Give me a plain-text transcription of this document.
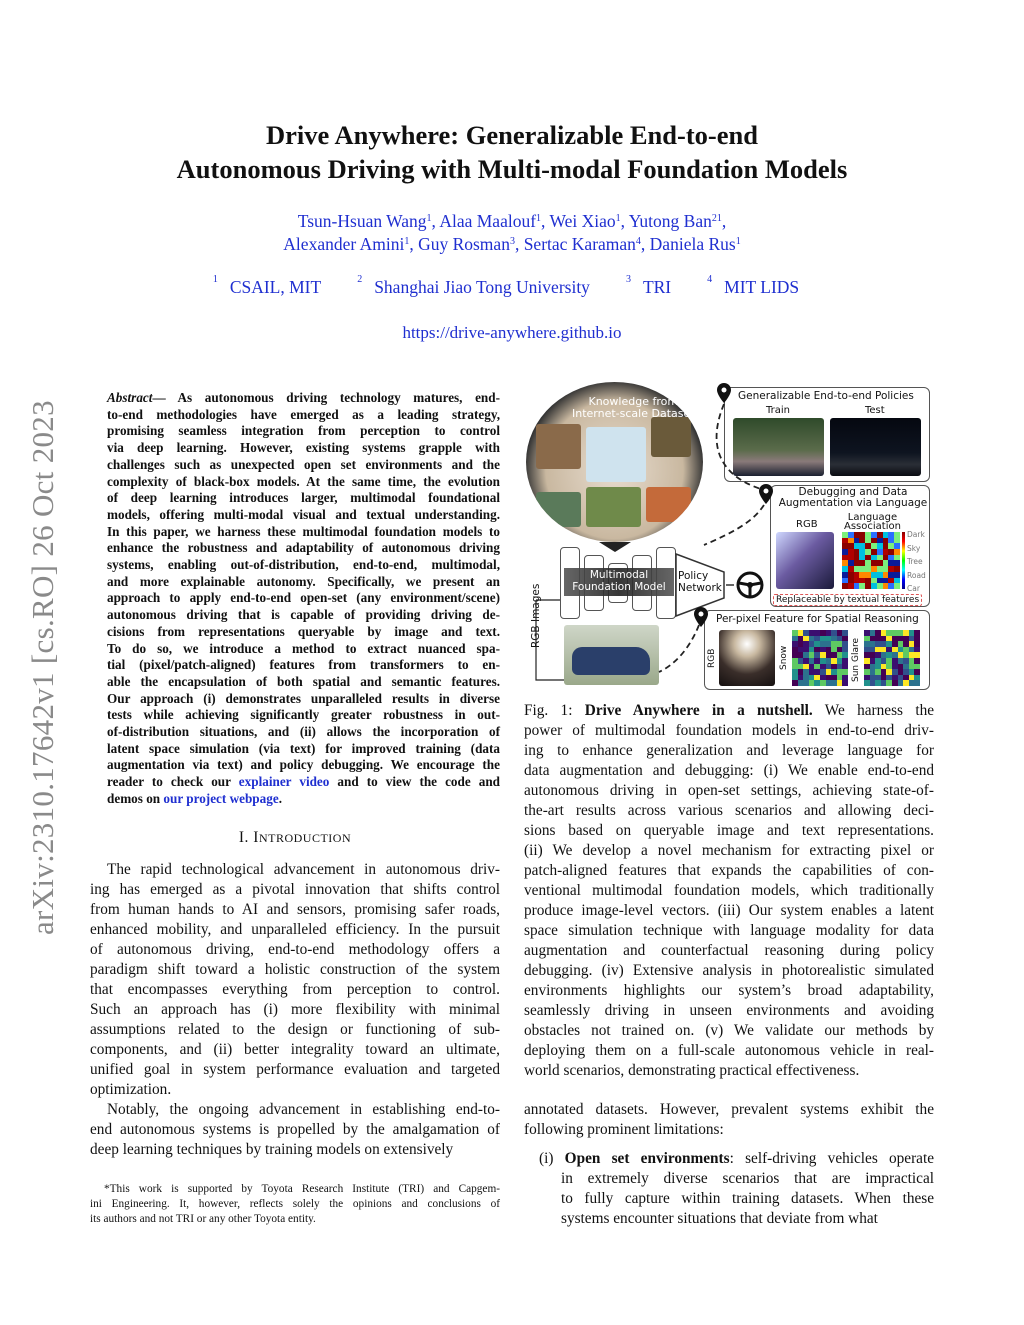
Drive Anywhere: Generalizable End-to-end
Autonomous Driving with Multi-modal Foundation Models
Tsun-Hsuan Wang$^1$, Alaa Maalouf$^1$, Wei Xiao$^1$, Yutong Ban$^{21}$,
Alexander Amini$^1$, Guy Rosman$^3$, Sertac Karaman$^4$, Daniela Rus$^1$
$^1$ CSAIL, MIT	$^2$ Shanghai Jiao Tong University	$^3$ TRI	$^4$ MIT LIDS
https://drive-anywhere.github.io
arXiv:2310.17642v1 [cs.RO] 26 Oct 2023
Abstract— As autonomous driving technology matures, end-
to-end methodologies have emerged as a leading strategy,
promising seamless integration from perception to control
via deep learning. However, existing systems grapple with
challenges such as unexpected open set environments and the
complexity of black-box models. At the same time, the evolution
of deep learning introduces larger, multimodal foundational
models, offering multi-modal visual and textual understanding.
In this paper, we harness these multimodal foundation models to
enhance the robustness and adaptability of autonomous driving
systems, enabling out-of-distribution, end-to-end, multimodal,
and more explainable autonomy. Specifically, we present an
approach to apply end-to-end open-set (any environment/scene)
autonomous driving that is capable of providing driving de-
cisions from representations queryable by image and text.
To do so, we introduce a method to extract nuanced spa-
tial (pixel/patch-aligned) features from transformers to en-
able the encapsulation of both spatial and semantic features.
Our approach (i) demonstrates unparalleled results in diverse
tests while achieving significantly greater robustness in out-
of-distribution situations, and (ii) allows the incorporation of
latent space simulation (via text) for improved training (data
augmentation via text) and policy debugging. We encourage the
reader to check our explainer video and to view the code and
demos on our project webpage.
I. INTRODUCTION
The rapid technological advancement in autonomous driv-
ing has emerged as a pivotal innovation that shifts control
from human hands to AI and sensors, promising safer roads,
enhanced mobility, and unparalleled efficiency. In the pursuit
of autonomous driving, end-to-end methodology offers a
paradigm shift toward a holistic construction of the system
that encompasses everything from perception to control.
Such an approach has (i) more flexibility with minimal
assumptions related to the design or functioning of sub-
components, and (ii) better integrality toward an ultimate,
unified goal in system performance evaluation and targeted
optimization.
Notably, the ongoing advancement in establishing end-to-
end autonomous systems is propelled by the amalgamation of
deep learning techniques by training models on extensively
*This work is supported by Toyota Research Institute (TRI) and Capgem-
ini Engineering. It, however, reflects solely the opinions and conclusions of
its authors and not TRI or any other Toyota entity.
Knowledge from
Internet-scale Dataset
Multimodal
Foundation Model
Policy
Network
RGB Images
Generalizable End-to-end Policies
Train	Test
Debugging and Data
Augmentation via Language
RGB
Language
Association
Dark
Sky
Tree
Road
Car
Replaceable by textual features
Per-pixel Feature for Spatial Reasoning
RGB	Snow	Sun Glare
Fig. 1: Drive Anywhere in a nutshell. We harness the
power of multimodal foundation models in end-to-end driv-
ing to enhance generalization and leverage language for
data augmentation and debugging: (i) We enable end-to-end
autonomous driving in open-set settings, achieving state-of-
the-art results across various scenarios and allowing deci-
sions based on queryable image and text representations.
(ii) We develop a novel mechanism for extracting pixel or
patch-aligned features that expands the capabilities of con-
ventional multimodal foundation models, which traditionally
produce image-level vectors. (iii) Our system enables a latent
space simulation technique with language modality for data
augmentation and counterfactual reasoning during policy
debugging. (iv) Extensive analysis in photorealistic simulated
environments highlights our system’s broad adaptability,
seamlessly driving in unseen environments and avoiding
obstacles not trained on. (v) We validate our methods by
deploying them on a full-scale autonomous vehicle in real-
world scenarios, demonstrating practical effectiveness.
annotated datasets. However, prevalent systems exhibit the
following prominent limitations:
(i) Open set environments: self-driving vehicles operate
in extremely diverse scenarios that are impractical
to fully capture within training datasets. When these
systems encounter situations that deviate from what
